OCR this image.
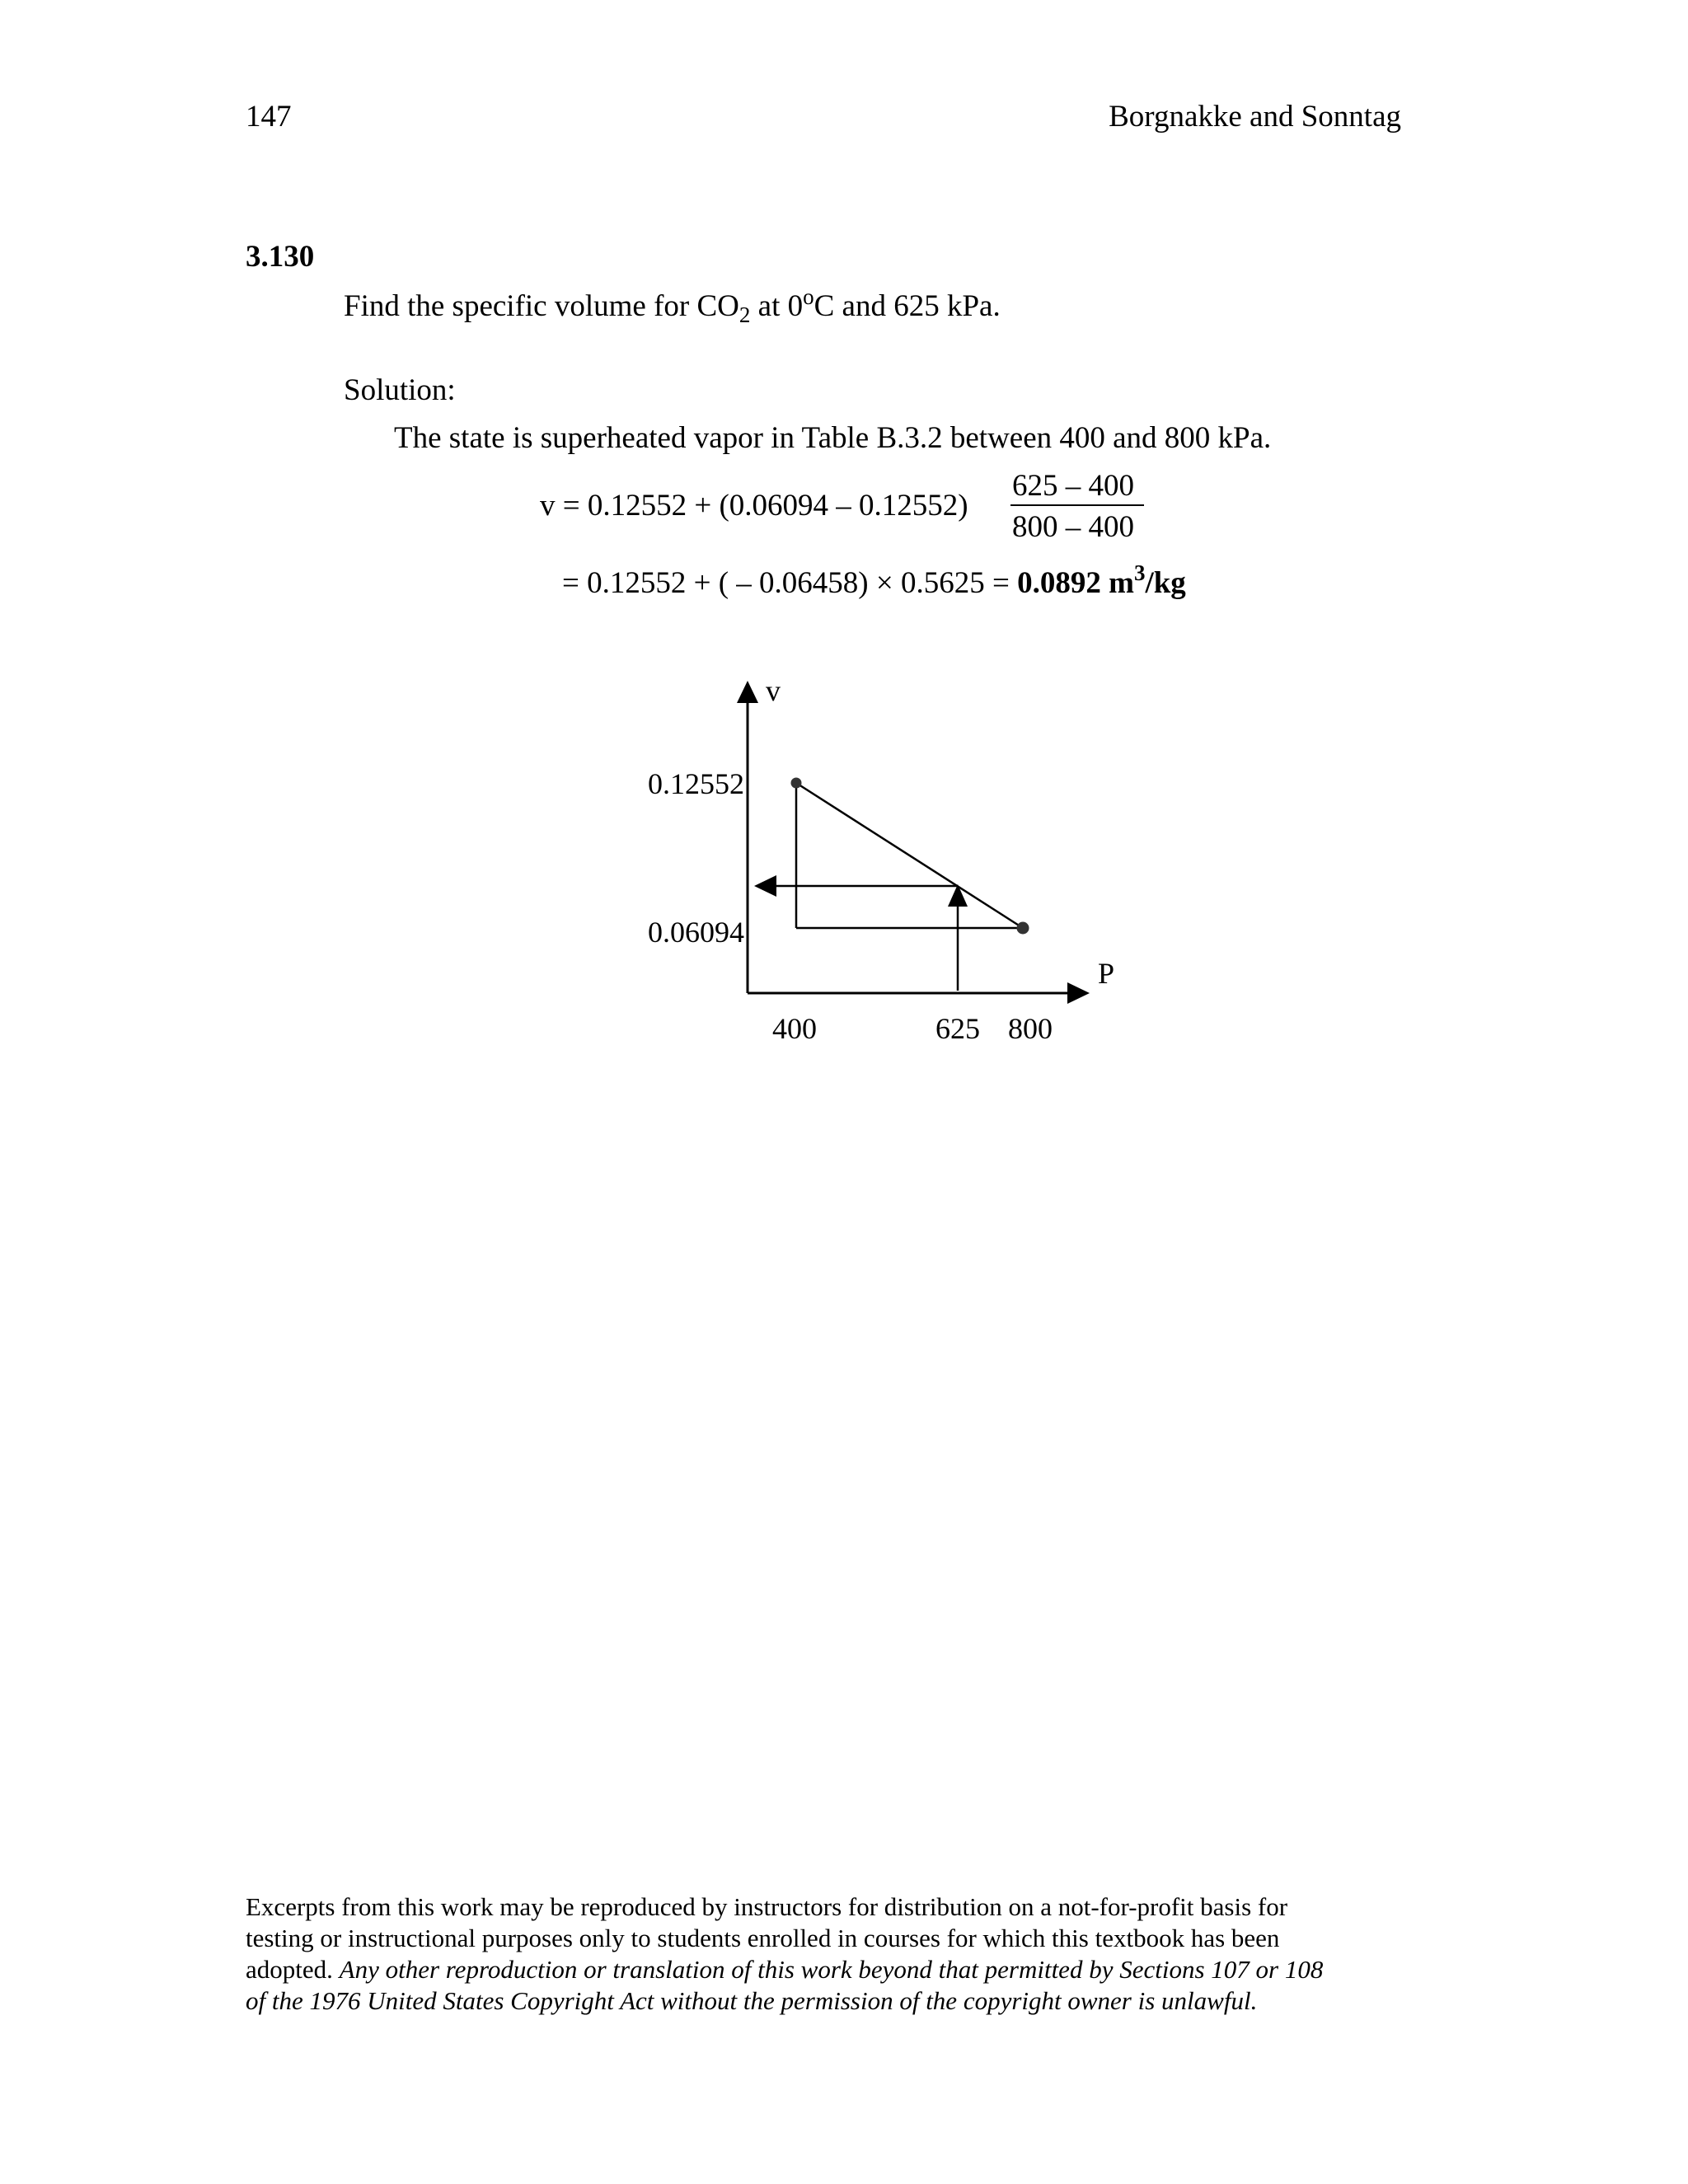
147	Borgnakke and Sonntag
3.130
Find the specific volume for $CO_2$ at 0$^o$C and 625 kPa.
Solution:
The state is superheated vapor in Table B.3.2 between 400 and 800 kPa.
v = 0.12552 + (0.06094 – 0.12552)
625 – 400
800 – 400
= 0.12552 + ( – 0.06458) × 0.5625 = 0.0892 $m^3/kg$
v
P
0.12552
0.06094
400	625 800
Excerpts from this work may be reproduced by instructors for distribution on a not-for-profit basis for
testing or instructional purposes only to students enrolled in courses for which this textbook has been
adopted. Any other reproduction or translation of this work beyond that permitted by Sections 107 or 108
of the 1976 United States Copyright Act without the permission of the copyright owner is unlawful.
